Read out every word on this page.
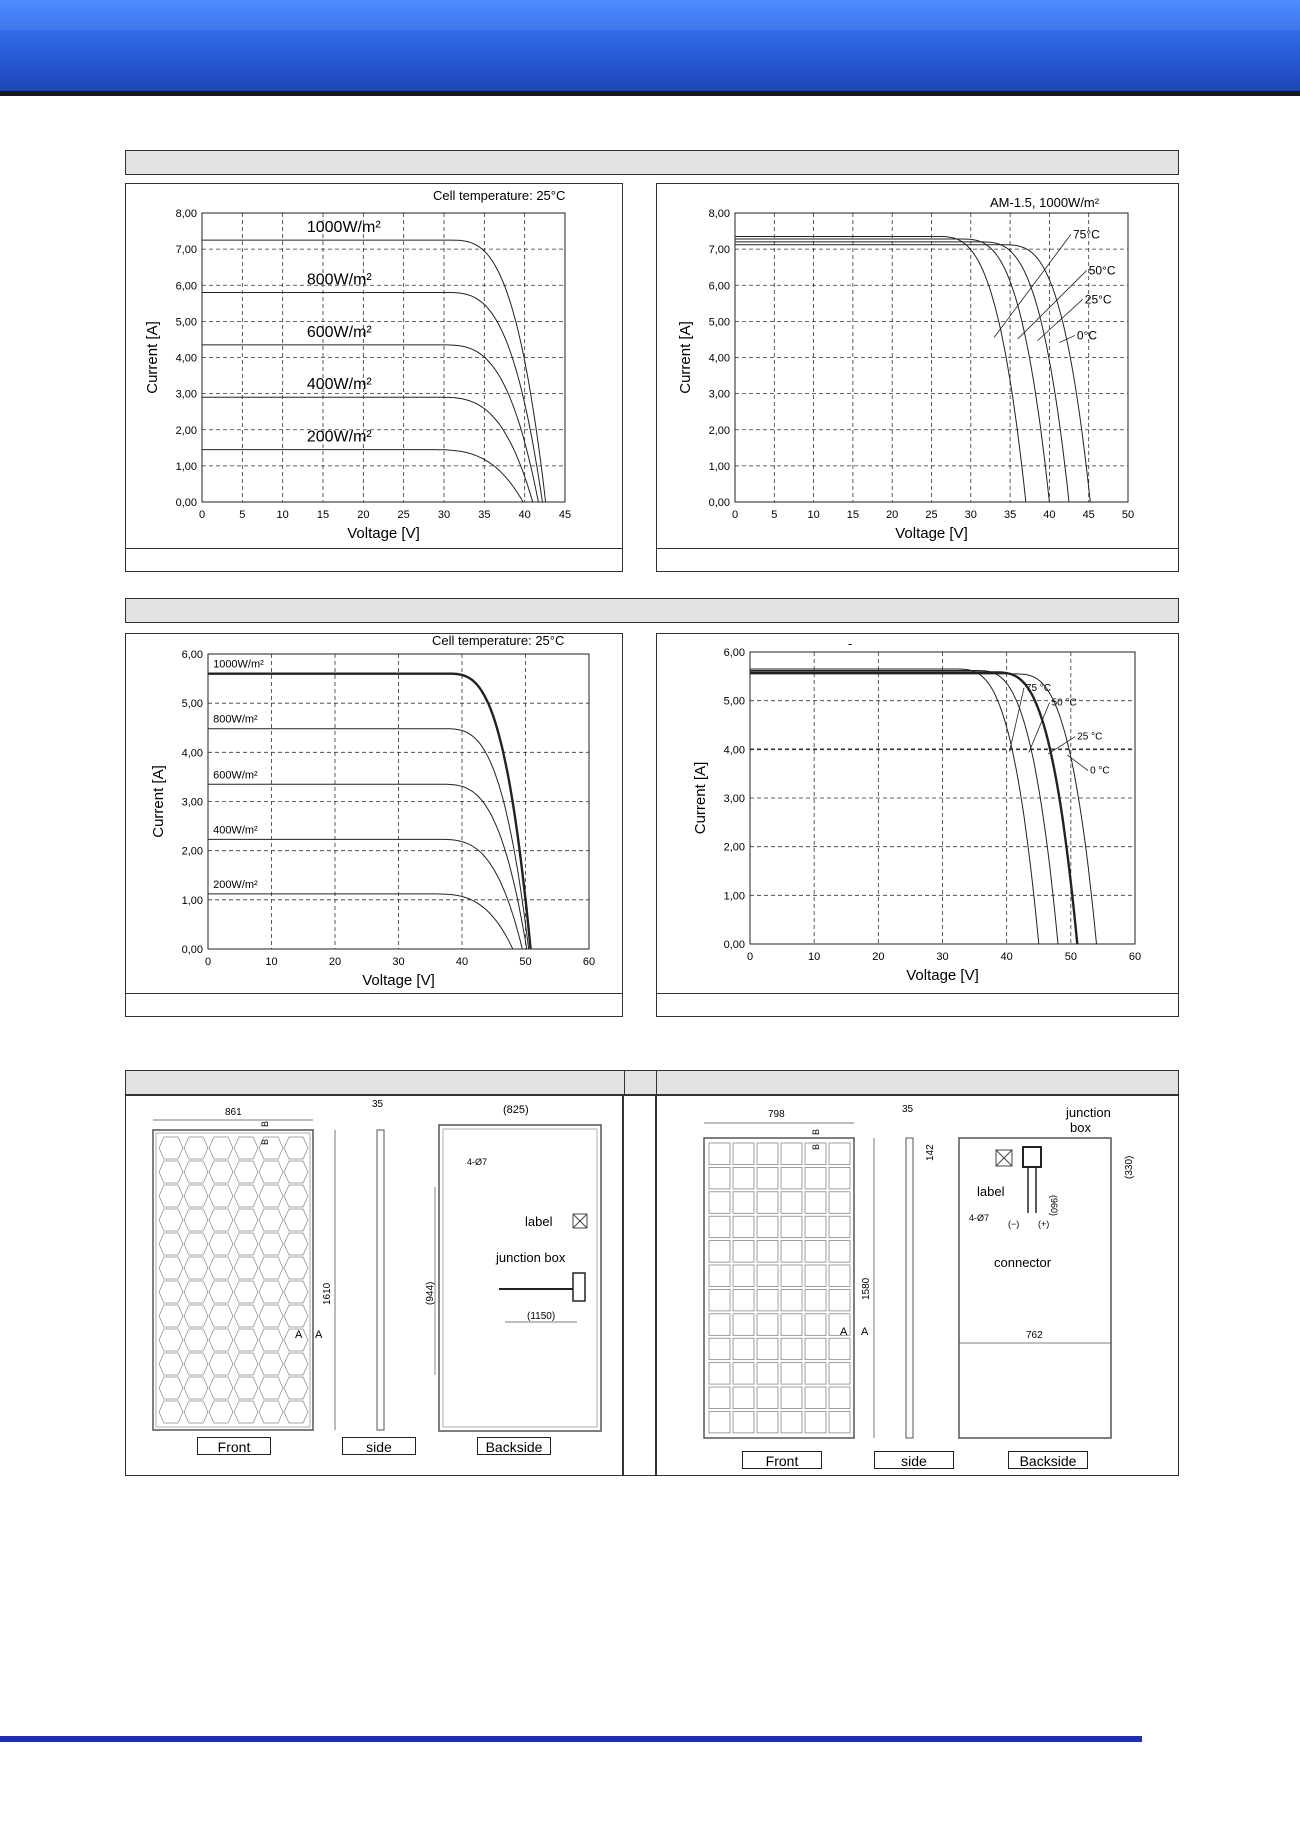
0	5	10	15	20	25	30	35	40	45
0,00
1,00
2,00
3,00
4,00
5,00
6,00
7,00
8,00
Voltage [V]
Current [A]
Cell temperature: 25°C
1000W/m²
800W/m²
600W/m²
400W/m²
200W/m²
0	5	10 15 20 25 30 35 40 45 50
0,00
1,00
2,00
3,00
4,00
5,00
6,00
7,00
8,00
Voltage [V]
Current [A]
AM-1.5, 1000W/m²
75°C
50°C
25°C
0°C
0	10	20	30	40	50	60
0,00
1,00
2,00
3,00
4,00
5,00
6,00
Voltage [V]
Current [A]
Cell temperature: 25°C
1000W/m²
800W/m²
600W/m²
400W/m²
200W/m²
0	10	20	30	40	50	60
0,00
1,00
2,00
3,00
4,00
5,00
6,00
Voltage [V]
Current [A]
-
75 °C
50 °C
25 °C
0 °C
861
1610
B
B
A A
35	(825)
4-Ø7
(944)
label
junction box
(1150)
Front	side	Backside
798
1580
B
B
A A
35
142
(330)
label
junction
box
(960)
(−) (+)
4-Ø7
connector
762
Front	side	Backside
